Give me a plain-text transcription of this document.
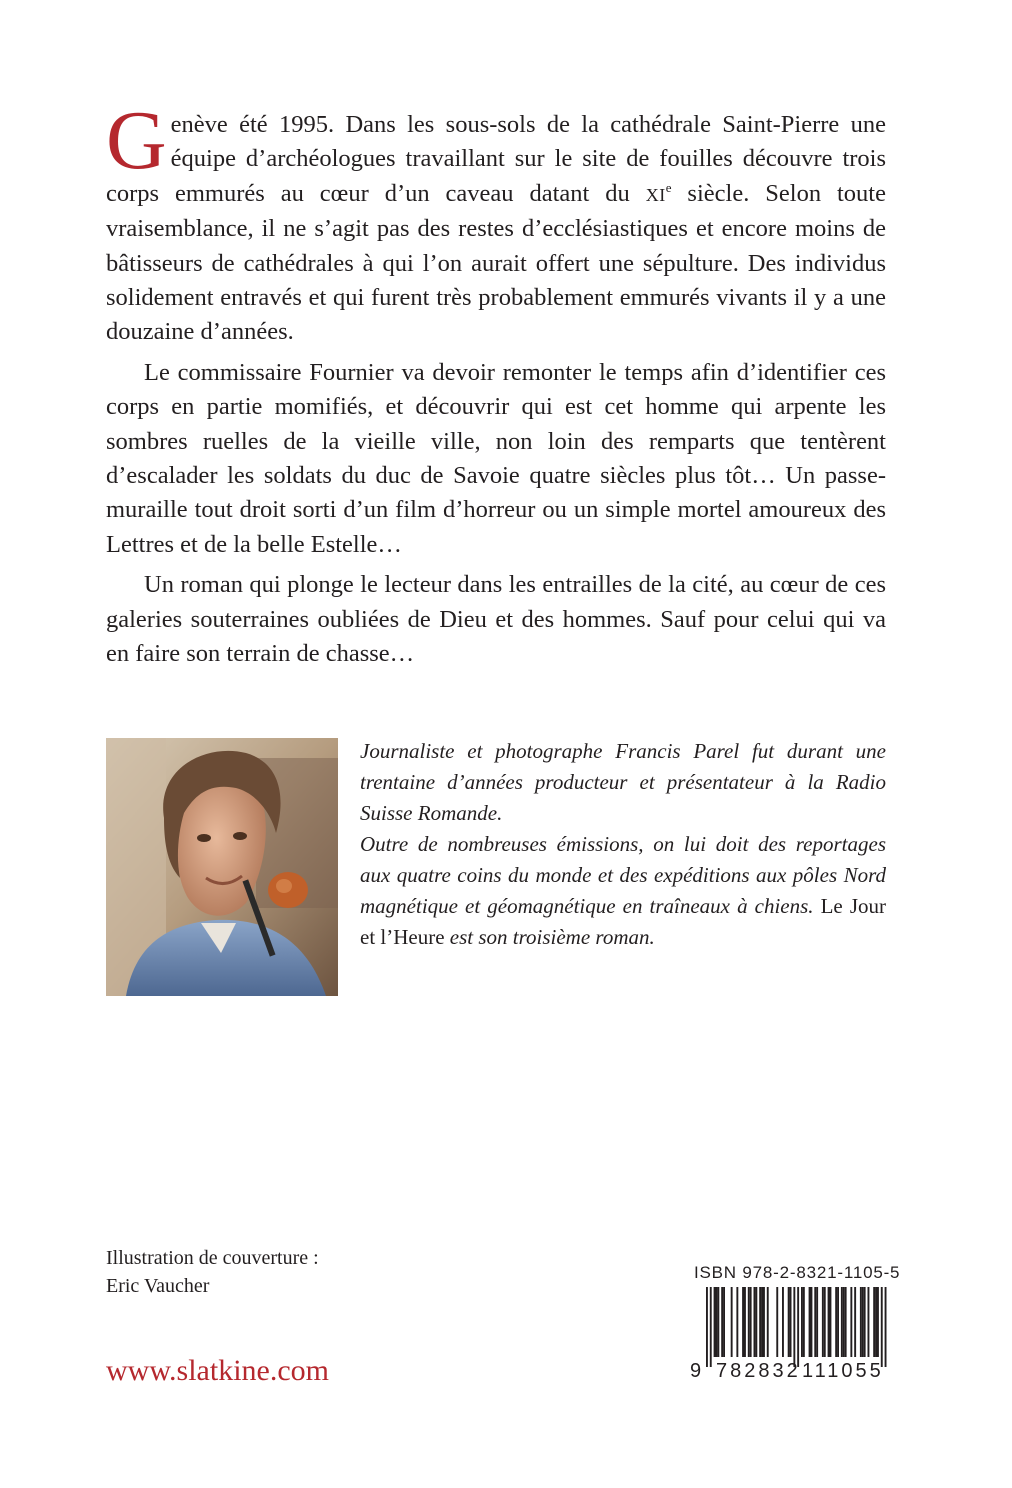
Genève été 1995. Dans les sous-sols de la cathédrale Saint-Pierre une équipe d’archéologues travaillant sur le site de fouilles découvre trois corps emmurés au cœur d’un caveau datant du XIe siècle. Selon toute vraisemblance, il ne s’agit pas des restes d’ecclésiastiques et encore moins de bâtisseurs de cathédrales à qui l’on aurait offert une sépulture. Des individus solidement entravés et qui furent très probablement emmurés vivants il y a une douzaine d’années.

Le commissaire Fournier va devoir remonter le temps afin d’identifier ces corps en partie momifiés, et découvrir qui est cet homme qui arpente les sombres ruelles de la vieille ville, non loin des remparts que tentèrent d’escalader les soldats du duc de Savoie quatre siècles plus tôt… Un passe-muraille tout droit sorti d’un film d’horreur ou un simple mortel amoureux des Lettres et de la belle Estelle…

Un roman qui plonge le lecteur dans les entrailles de la cité, au cœur de ces galeries souterraines oubliées de Dieu et des hommes. Sauf pour celui qui va en faire son terrain de chasse…

Journaliste et photographe Francis Parel fut durant une trentaine d’années producteur et présentateur à la Radio Suisse Romande.

Outre de nombreuses émissions, on lui doit des reportages aux quatre coins du monde et des expéditions aux pôles Nord magnétique et géomagnétique en traîneaux à chiens. Le Jour et l’Heure est son troisième roman.

Illustration de couverture :
Eric Vaucher
www.slatkine.com
ISBN 978-2-8321-1105-5
9 782832 111055
